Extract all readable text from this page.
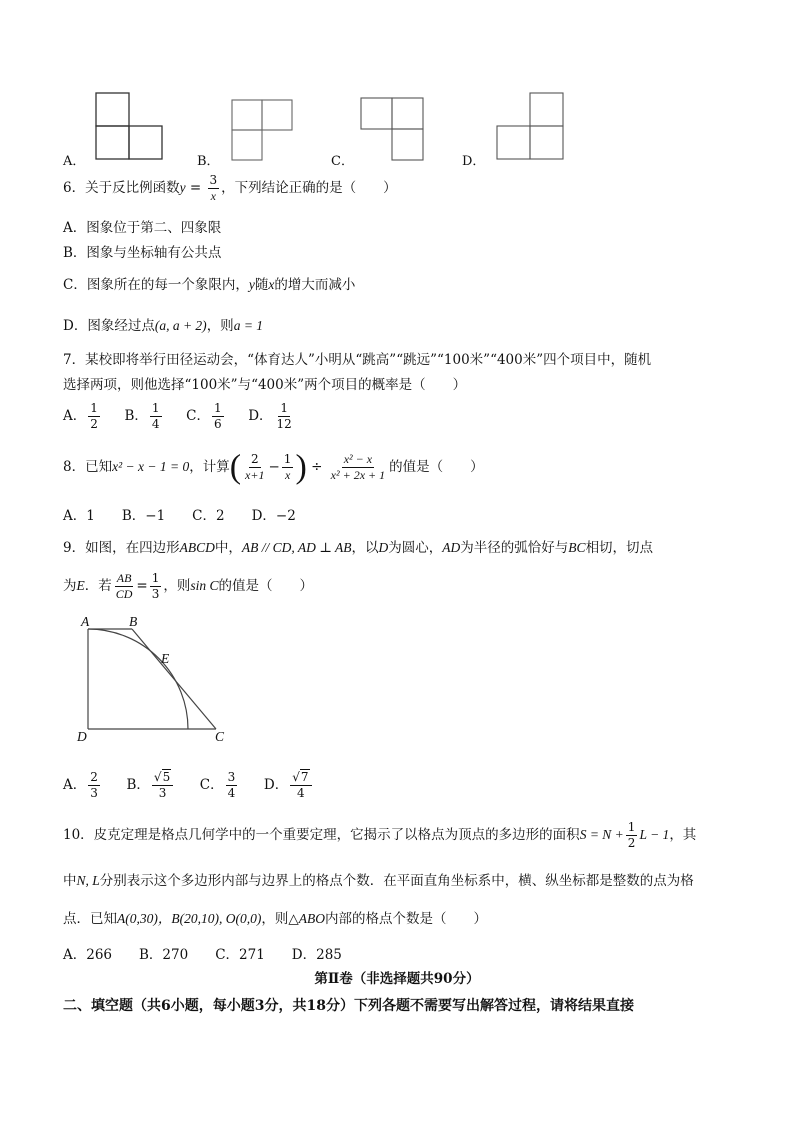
A．	B．	C．	D．
6．关于反比例函数$y = \frac{3}{x}$ ，下列结论正确的是（　　）
A．图象位于第二、四象限
B．图象与坐标轴有公共点
C．图象所在的每一个象限内，y随x的增大而减小
D．图象经过点(a, a + 2)，则a = 1
7．某校即将举行田径运动会，“体育达人”小明从“跳高”“跳远”“100米”“400米”四个项目中，随机
选择两项，则他选择“100米”与“400米”两个项目的概率是（　　）
A． $\frac{1}{2}$ B． $\frac{1}{4}$ C． $\frac{1}{6}$ D． $\frac{1}{12}$
8．已知x² − x − 1 = 0，计算( $\frac{2}{x+1} - \frac{1}{x}$ ) ÷ $\frac{\text{x² − x}}{\text{x² + 2x + 1}}$ 的值是（　　）
A．1　　B．−1　　C．2　　D．−2
9．如图，在四边形ABCD中，AB // CD, AD ⊥ AB，以D为圆心，AD为半径的弧恰好与BC相切，切点
为E．若 $\frac{AB}{CD} = \frac{1}{3}$ ，则sin C的值是（　　）
A	B
E
D	C
A． $\frac{2}{3}$ B． $\frac{√5}{3}$ C． $\frac{3}{4}$ D． $\frac{√7}{4}$
10．皮克定理是格点几何学中的一个重要定理，它揭示了以格点为顶点的多边形的面积$S = N + \frac{1}{2}$ L − 1，其
中N, L分别表示这个多边形内部与边界上的格点个数．在平面直角坐标系中，横、纵坐标都是整数的点为格
点．已知A(0,30)，B(20,10), O(0,0)，则△ABO内部的格点个数是（　　）
A．266　　B．270　　C．271　　D．285
第Ⅱ卷（非选择题共90分）
二、填空题（共6小题，每小题3分，共18分）下列各题不需要写出解答过程，请将结果直接
